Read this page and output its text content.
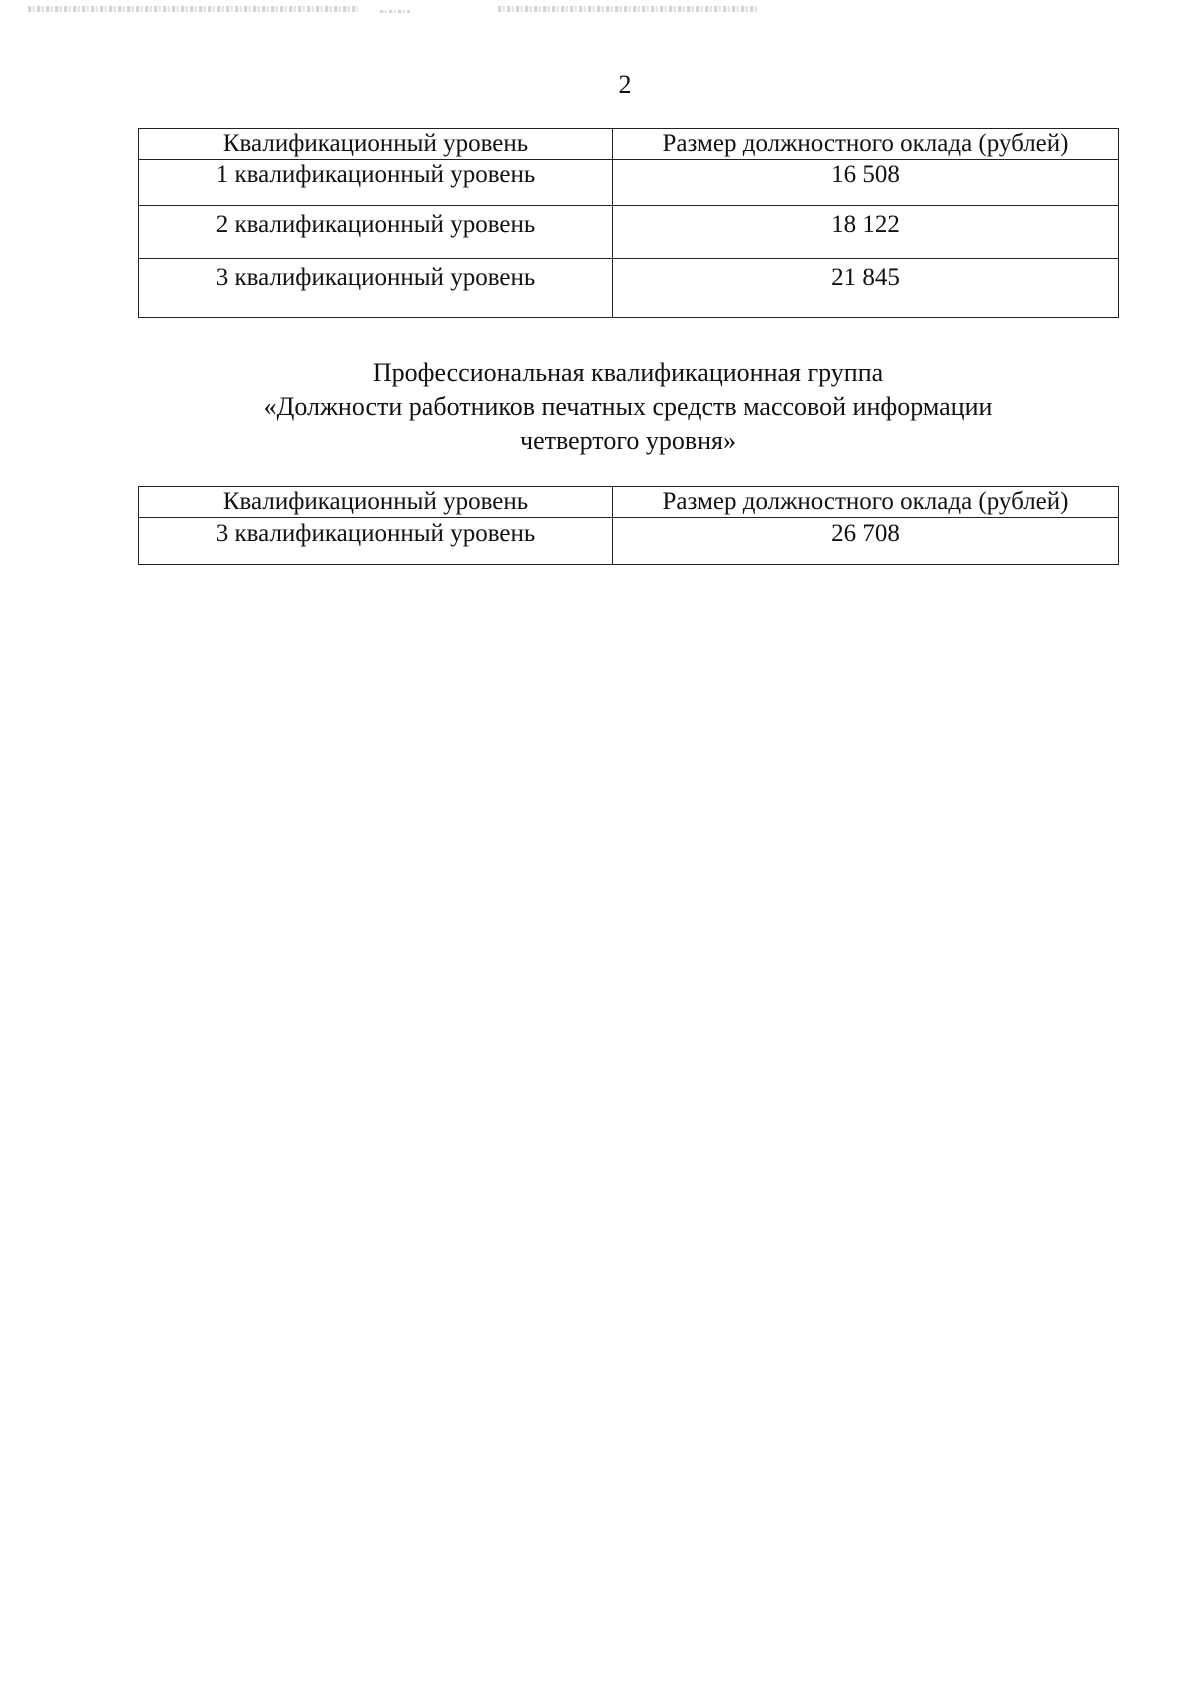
2
Квалификационный уровень	Размер должностного оклада (рублей)
1 квалификационный уровень	16 508
2 квалификационный уровень	18 122
3 квалификационный уровень	21 845
Профессиональная квалификационная группа
«Должности работников печатных средств массовой информации
четвертого уровня»
Квалификационный уровень	Размер должностного оклада (рублей)
3 квалификационный уровень	26 708
